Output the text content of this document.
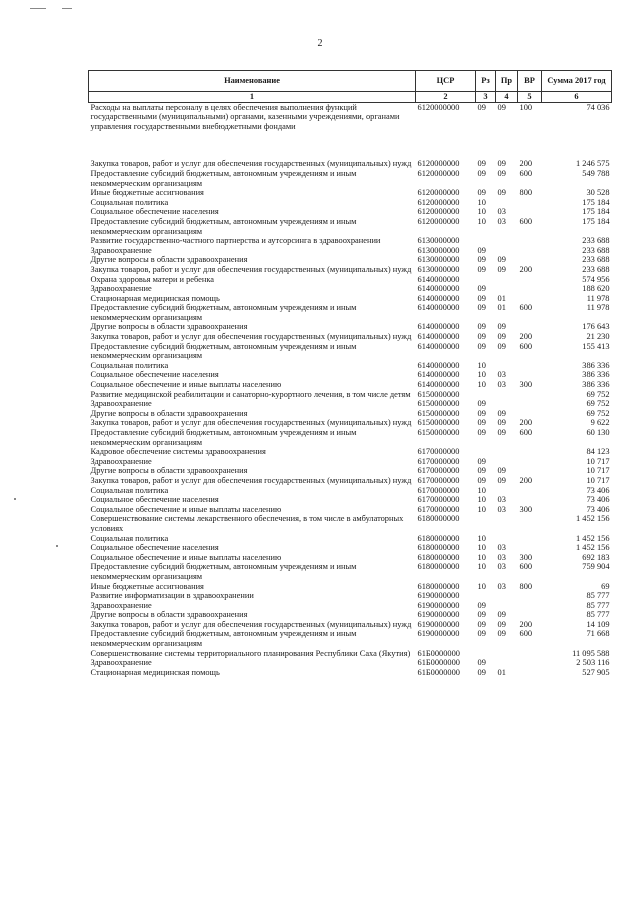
2
Наименование	ЦСР	Рз	Пр	ВР	Сумма 2017 год
1	2	3	4	5	6
Расходы на выплаты персоналу в целях обеспечения выполнения функций государственными (муниципальными) органами, казенными учреждениями, органами управления государственными внебюджетными фондами	6120000000	09	09	100	74 036

Закупка товаров, работ и услуг для обеспечения государственных (муниципальных) нужд	6120000000	09	09	200	1 246 575
Предоставление субсидий бюджетным, автономным учреждениям и иным некоммерческим организациям	6120000000	09	09	600	549 788
Иные бюджетные ассигнования	6120000000	09	09	800	30 528
Социальная политика	6120000000	10			175 184
Социальное обеспечение населения	6120000000	10	03		175 184
Предоставление субсидий бюджетным, автономным учреждениям и иным некоммерческим организациям	6120000000	10	03	600	175 184
Развитие государственно-частного партнерства и аутсорсинга в здравоохранении	6130000000				233 688
Здравоохранение	6130000000	09			233 688
Другие вопросы в области здравоохранения	6130000000	09	09		233 688
Закупка товаров, работ и услуг для обеспечения государственных (муниципальных) нужд	6130000000	09	09	200	233 688
Охрана здоровья матери и ребенка	6140000000				574 956
Здравоохранение	6140000000	09			188 620
Стационарная медицинская помощь	6140000000	09	01		11 978
Предоставление субсидий бюджетным, автономным учреждениям и иным некоммерческим организациям	6140000000	09	01	600	11 978
Другие вопросы в области здравоохранения	6140000000	09	09		176 643
Закупка товаров, работ и услуг для обеспечения государственных (муниципальных) нужд	6140000000	09	09	200	21 230
Предоставление субсидий бюджетным, автономным учреждениям и иным некоммерческим организациям	6140000000	09	09	600	155 413
Социальная политика	6140000000	10			386 336
Социальное обеспечение населения	6140000000	10	03		386 336
Социальное обеспечение и иные выплаты населению	6140000000	10	03	300	386 336
Развитие медицинской реабилитации и санаторно-курортного лечения, в том числе детям	6150000000				69 752
Здравоохранение	6150000000	09			69 752
Другие вопросы в области здравоохранения	6150000000	09	09		69 752
Закупка товаров, работ и услуг для обеспечения государственных (муниципальных) нужд	6150000000	09	09	200	9 622
Предоставление субсидий бюджетным, автономным учреждениям и иным некоммерческим организациям	6150000000	09	09	600	60 130
Кадровое обеспечение системы здравоохранения	6170000000				84 123
Здравоохранение	6170000000	09			10 717
Другие вопросы в области здравоохранения	6170000000	09	09		10 717
Закупка товаров, работ и услуг для обеспечения государственных (муниципальных) нужд	6170000000	09	09	200	10 717
Социальная политика	6170000000	10			73 406
Социальное обеспечение населения	6170000000	10	03		73 406
Социальное обеспечение и иные выплаты населению	6170000000	10	03	300	73 406
Совершенствование системы лекарственного обеспечения, в том числе в амбулаторных условиях	6180000000				1 452 156
Социальная политика	6180000000	10			1 452 156
Социальное обеспечение населения	6180000000	10	03		1 452 156
Социальное обеспечение и иные выплаты населению	6180000000	10	03	300	692 183
Предоставление субсидий бюджетным, автономным учреждениям и иным некоммерческим организациям	6180000000	10	03	600	759 904
Иные бюджетные ассигнования	6180000000	10	03	800	69
Развитие информатизации в здравоохранении	6190000000				85 777
Здравоохранение	6190000000	09			85 777
Другие вопросы в области здравоохранения	6190000000	09	09		85 777
Закупка товаров, работ и услуг для обеспечения государственных (муниципальных) нужд	6190000000	09	09	200	14 109
Предоставление субсидий бюджетным, автономным учреждениям и иным некоммерческим организациям	6190000000	09	09	600	71 668
Совершенствование системы территориального планирования Республики Саха (Якутия)	61Б0000000				11 095 588
Здравоохранение	61Б0000000	09			2 503 116
Стационарная медицинская помощь	61Б0000000	09	01		527 905
